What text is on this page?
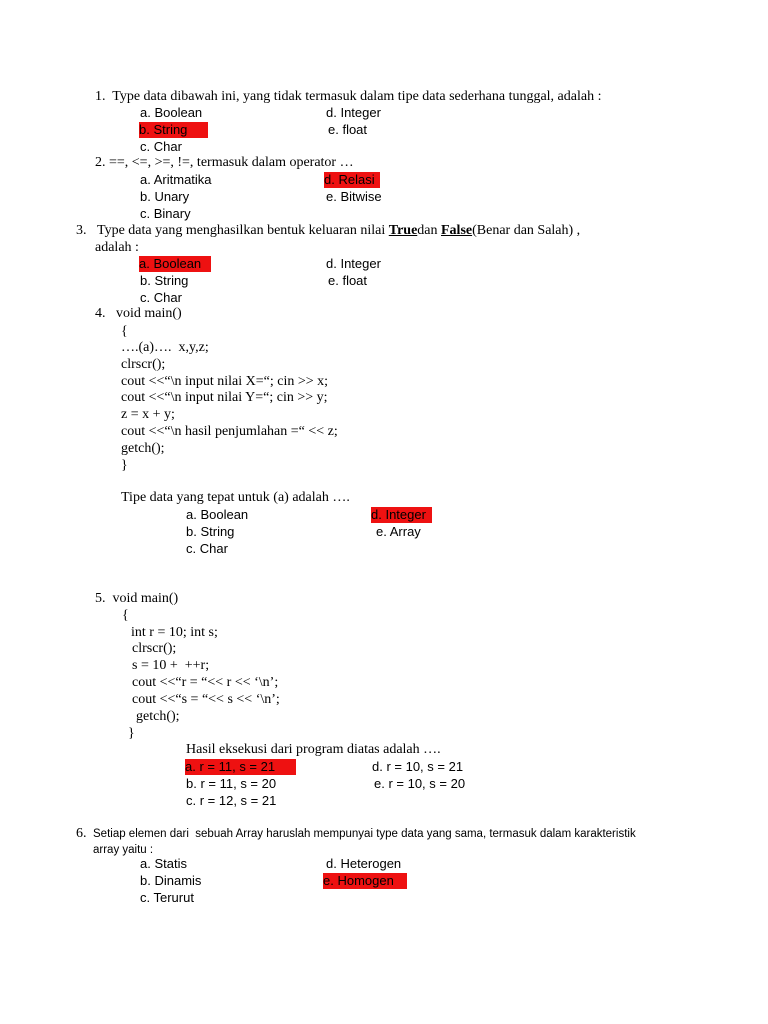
1.  Type data dibawah ini, yang tidak termasuk dalam tipe data sederhana tunggal, adalah :
a. Boolean	d. Integer
b. String	e. float
c. Char
2. ==, <=, >=, !=, termasuk dalam operator …
a. Aritmatika	d. Relasi
b. Unary	e. Bitwise
c. Binary
3. Type data yang menghasilkan bentuk keluaran nilai Truedan False(Benar dan Salah) ,
adalah :
a. Boolean	d. Integer
b. String	e. float
c. Char
4.   void main()
{
….(a)….  x,y,z;
clrscr();
cout <<“\n input nilai X=“; cin >> x;
cout <<“\n input nilai Y=“; cin >> y;
z = x + y;
cout <<“\n hasil penjumlahan =“ << z;
getch();
}
Tipe data yang tepat untuk (a) adalah ….
a. Boolean	d. Integer
b. String	e. Array
c. Char
5.  void main()
{
int r = 10; int s;
clrscr();
s = 10 +  ++r;
cout <<“r = “<< r << ‘\n’;
cout <<“s = “<< s << ‘\n’;
getch();
}
Hasil eksekusi dari program diatas adalah ….
a. r = 11, s = 21	d. r = 10, s = 21
b. r = 11, s = 20	e. r = 10, s = 20
c. r = 12, s = 21
6. Setiap elemen dari  sebuah Array haruslah mempunyai type data yang sama, termasuk dalam karakteristik
array yaitu :
a. Statis	d. Heterogen
b. Dinamis	e. Homogen
c. Terurut
